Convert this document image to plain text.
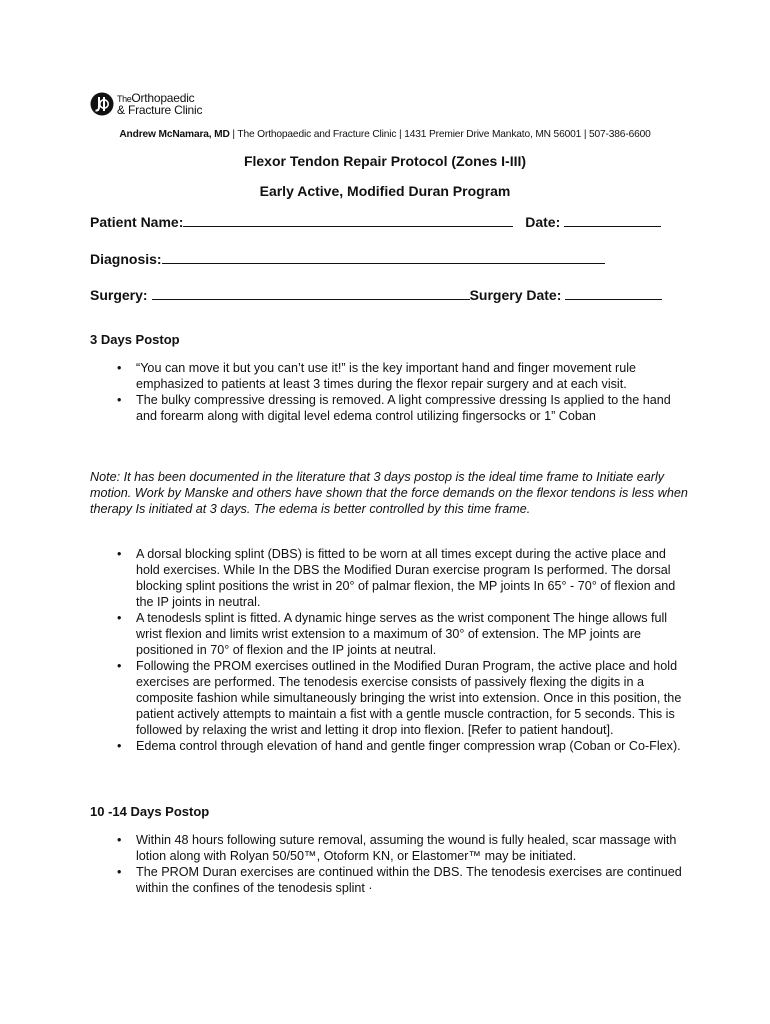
TheOrthopaedic
& Fracture Clinic
Andrew McNamara, MD | The Orthopaedic and Fracture Clinic | 1431 Premier Drive Mankato, MN 56001 | 507-386-6600
Flexor Tendon Repair Protocol (Zones I-III)
Early Active, Modified Duran Program
Patient Name:	Date:
Diagnosis:
Surgery:	Surgery Date:
3 Days Postop
• “You can move it but you can’t use it!” is the key important hand and finger movement rule emphasized to patients at least 3 times during the flexor repair surgery and at each visit.
• The bulky compressive dressing is removed. A light compressive dressing Is applied to the hand and forearm along with digital level edema control utilizing fingersocks or 1” Coban
Note: It has been documented in the literature that 3 days postop is the ideal time frame to Initiate early motion. Work by Manske and others have shown that the force demands on the flexor tendons is less when therapy Is initiated at 3 days. The edema is better controlled by this time frame.
• A dorsal blocking splint (DBS) is fitted to be worn at all times except during the active place and hold exercises. While In the DBS the Modified Duran exercise program Is performed. The dorsal blocking splint positions the wrist in 20° of palmar flexion, the MP joints In 65° - 70° of flexion and the IP joints in neutral.
• A tenodesls splint is fitted. A dynamic hinge serves as the wrist component The hinge allows full wrist flexion and limits wrist extension to a maximum of 30° of extension. The MP joints are positioned in 70° of flexion and the IP joints at neutral.
• Following the PROM exercises outlined in the Modified Duran Program, the active place and hold exercises are performed. The tenodesis exercise consists of passively flexing the digits in a composite fashion while simultaneously bringing the wrist into extension. Once in this position, the patient actively attempts to maintain a fist with a gentle muscle contraction, for 5 seconds. This is followed by relaxing the wrist and letting it drop into flexion. [Refer to patient handout].
• Edema control through elevation of hand and gentle finger compression wrap (Coban or Co-Flex).
10 -14 Days Postop
• Within 48 hours following suture removal, assuming the wound is fully healed, scar massage with lotion along with Rolyan 50/50™, Otoform KN, or Elastomer™ may be initiated.
• The PROM Duran exercises are continued within the DBS. The tenodesis exercises are continued within the confines of the tenodesis splint ·
